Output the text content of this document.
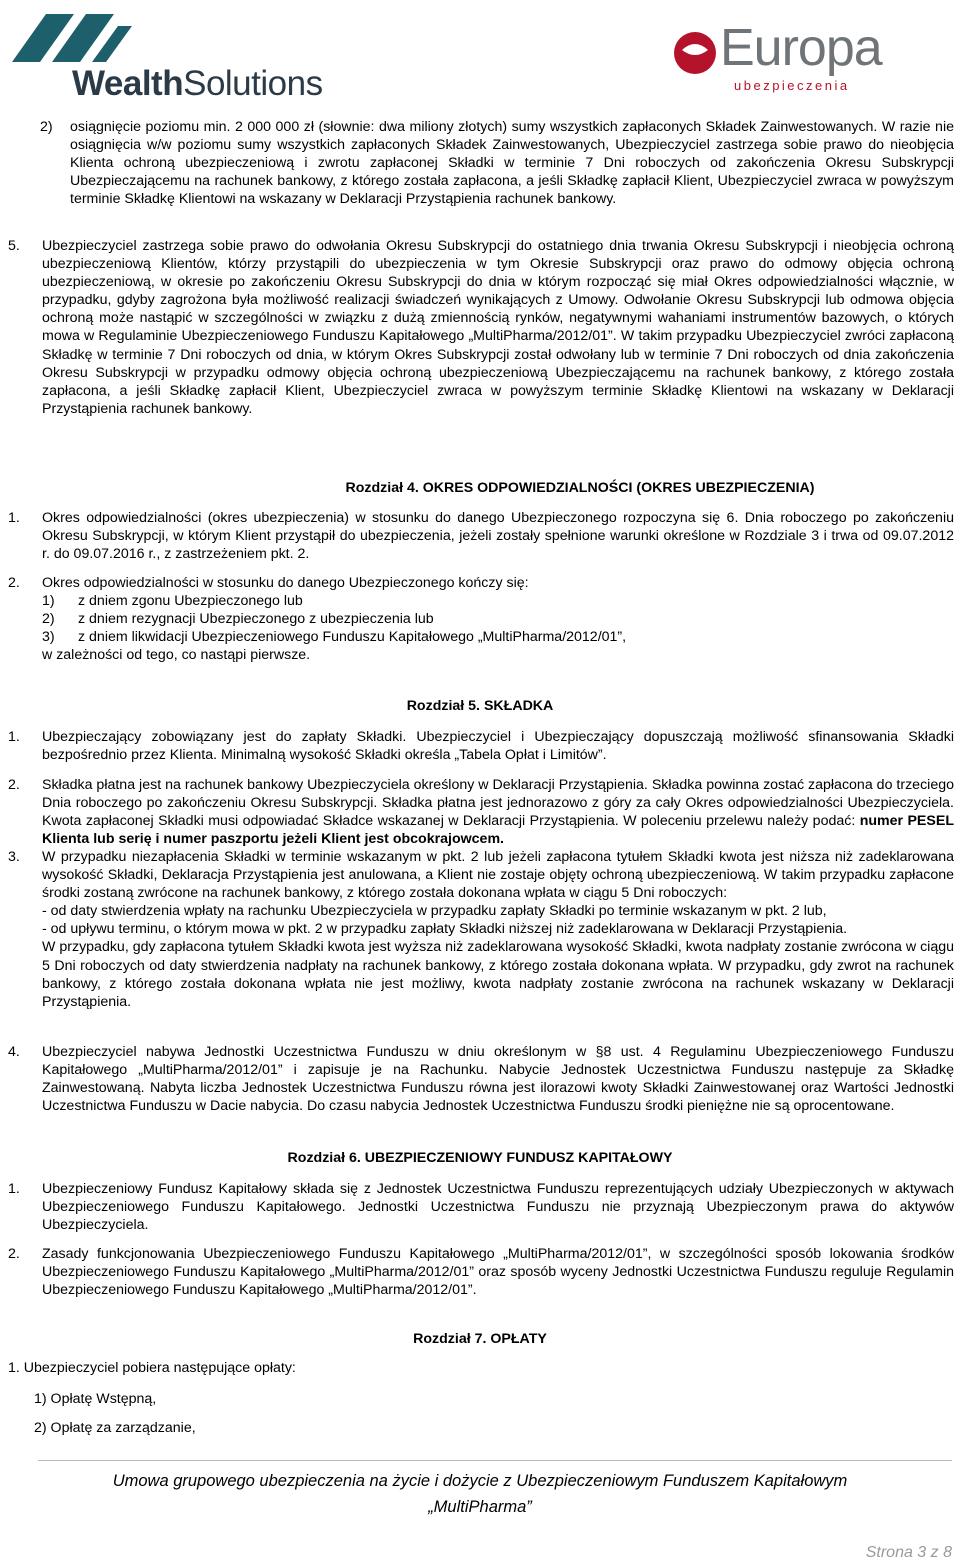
WealthSolutions
Europa
ubezpieczenia
2) osiągnięcie poziomu min. 2 000 000 zł (słownie: dwa miliony złotych) sumy wszystkich zapłaconych Składek Zainwestowanych. W razie nie osiągnięcia w/w poziomu sumy wszystkich zapłaconych Składek Zainwestowanych, Ubezpieczyciel zastrzega sobie prawo do nieobjęcia Klienta ochroną ubezpieczeniową i zwrotu zapłaconej Składki w terminie 7 Dni roboczych od zakończenia Okresu Subskrypcji Ubezpieczającemu na rachunek bankowy, z którego została zapłacona, a jeśli Składkę zapłacił Klient, Ubezpieczyciel zwraca w powyższym terminie Składkę Klientowi na wskazany w Deklaracji Przystąpienia rachunek bankowy.
5. Ubezpieczyciel zastrzega sobie prawo do odwołania Okresu Subskrypcji do ostatniego dnia trwania Okresu Subskrypcji i nieobjęcia ochroną ubezpieczeniową Klientów, którzy przystąpili do ubezpieczenia w tym Okresie Subskrypcji oraz prawo do odmowy objęcia ochroną ubezpieczeniową, w okresie po zakończeniu Okresu Subskrypcji do dnia w którym rozpocząć się miał Okres odpowiedzialności włącznie, w przypadku, gdyby zagrożona była możliwość realizacji świadczeń wynikających z Umowy. Odwołanie Okresu Subskrypcji lub odmowa objęcia ochroną może nastąpić w szczególności w związku z dużą zmiennością rynków, negatywnymi wahaniami instrumentów bazowych, o których mowa w Regulaminie Ubezpieczeniowego Funduszu Kapitałowego „MultiPharma/2012/01”. W takim przypadku Ubezpieczyciel zwróci zapłaconą Składkę w terminie 7 Dni roboczych od dnia, w którym Okres Subskrypcji został odwołany lub w terminie 7 Dni roboczych od dnia zakończenia Okresu Subskrypcji w przypadku odmowy objęcia ochroną ubezpieczeniową Ubezpieczającemu na rachunek bankowy, z którego została zapłacona, a jeśli Składkę zapłacił Klient, Ubezpieczyciel zwraca w powyższym terminie Składkę Klientowi na wskazany w Deklaracji Przystąpienia rachunek bankowy.
Rozdział 4. OKRES ODPOWIEDZIALNOŚCI (OKRES UBEZPIECZENIA)
1. Okres odpowiedzialności (okres ubezpieczenia) w stosunku do danego Ubezpieczonego rozpoczyna się 6. Dnia roboczego po zakończeniu Okresu Subskrypcji, w którym Klient przystąpił do ubezpieczenia, jeżeli zostały spełnione warunki określone w Rozdziale 3 i trwa od 09.07.2012 r. do 09.07.2016 r., z zastrzeżeniem pkt. 2.
2. Okres odpowiedzialności w stosunku do danego Ubezpieczonego kończy się:

1) z dniem zgonu Ubezpieczonego lub
2) z dniem rezygnacji Ubezpieczonego z ubezpieczenia lub
3) z dniem likwidacji Ubezpieczeniowego Funduszu Kapitałowego „MultiPharma/2012/01”,

w zależności od tego, co nastąpi pierwsze.

Rozdział 5. SKŁADKA
1. Ubezpieczający zobowiązany jest do zapłaty Składki. Ubezpieczyciel i Ubezpieczający dopuszczają możliwość sfinansowania Składki bezpośrednio przez Klienta. Minimalną wysokość Składki określa „Tabela Opłat i Limitów”.
2. Składka płatna jest na rachunek bankowy Ubezpieczyciela określony w Deklaracji Przystąpienia. Składka powinna zostać zapłacona do trzeciego Dnia roboczego po zakończeniu Okresu Subskrypcji. Składka płatna jest jednorazowo z góry za cały Okres odpowiedzialności Ubezpieczyciela. Kwota zapłaconej Składki musi odpowiadać Składce wskazanej w Deklaracji Przystąpienia. W poleceniu przelewu należy podać: numer PESEL Klienta lub serię i numer paszportu jeżeli Klient jest obcokrajowcem.
3. W przypadku niezapłacenia Składki w terminie wskazanym w pkt. 2 lub jeżeli zapłacona tytułem Składki kwota jest niższa niż zadeklarowana wysokość Składki, Deklaracja Przystąpienia jest anulowana, a Klient nie zostaje objęty ochroną ubezpieczeniową. W takim przypadku zapłacone środki zostaną zwrócone na rachunek bankowy, z którego została dokonana wpłata w ciągu 5 Dni roboczych:

- od daty stwierdzenia wpłaty na rachunku Ubezpieczyciela w przypadku zapłaty Składki po terminie wskazanym w pkt. 2 lub,

- od upływu terminu, o którym mowa w pkt. 2 w przypadku zapłaty Składki niższej niż zadeklarowana w Deklaracji Przystąpienia.

W przypadku, gdy zapłacona tytułem Składki kwota jest wyższa niż zadeklarowana wysokość Składki, kwota nadpłaty zostanie zwrócona w ciągu 5 Dni roboczych od daty stwierdzenia nadpłaty na rachunek bankowy, z którego została dokonana wpłata. W przypadku, gdy zwrot na rachunek bankowy, z którego została dokonana wpłata nie jest możliwy, kwota nadpłaty zostanie zwrócona na rachunek wskazany w Deklaracji Przystąpienia.

4. Ubezpieczyciel nabywa Jednostki Uczestnictwa Funduszu w dniu określonym w §8 ust. 4 Regulaminu Ubezpieczeniowego Funduszu Kapitałowego „MultiPharma/2012/01” i zapisuje je na Rachunku. Nabycie Jednostek Uczestnictwa Funduszu następuje za Składkę Zainwestowaną. Nabyta liczba Jednostek Uczestnictwa Funduszu równa jest ilorazowi kwoty Składki Zainwestowanej oraz Wartości Jednostki Uczestnictwa Funduszu w Dacie nabycia. Do czasu nabycia Jednostek Uczestnictwa Funduszu środki pieniężne nie są oprocentowane.
Rozdział 6. UBEZPIECZENIOWY FUNDUSZ KAPITAŁOWY
1. Ubezpieczeniowy Fundusz Kapitałowy składa się z Jednostek Uczestnictwa Funduszu reprezentujących udziały Ubezpieczonych w aktywach Ubezpieczeniowego Funduszu Kapitałowego. Jednostki Uczestnictwa Funduszu nie przyznają Ubezpieczonym prawa do aktywów Ubezpieczyciela.
2. Zasady funkcjonowania Ubezpieczeniowego Funduszu Kapitałowego „MultiPharma/2012/01”, w szczególności sposób lokowania środków Ubezpieczeniowego Funduszu Kapitałowego „MultiPharma/2012/01” oraz sposób wyceny Jednostki Uczestnictwa Funduszu reguluje Regulamin Ubezpieczeniowego Funduszu Kapitałowego „MultiPharma/2012/01”.
Rozdział 7. OPŁATY
1. Ubezpieczyciel pobiera następujące opłaty:
1) Opłatę Wstępną,
2) Opłatę za zarządzanie,
Umowa grupowego ubezpieczenia na życie i dożycie z Ubezpieczeniowym Funduszem Kapitałowym
„MultiPharma”
Strona 3 z 8
